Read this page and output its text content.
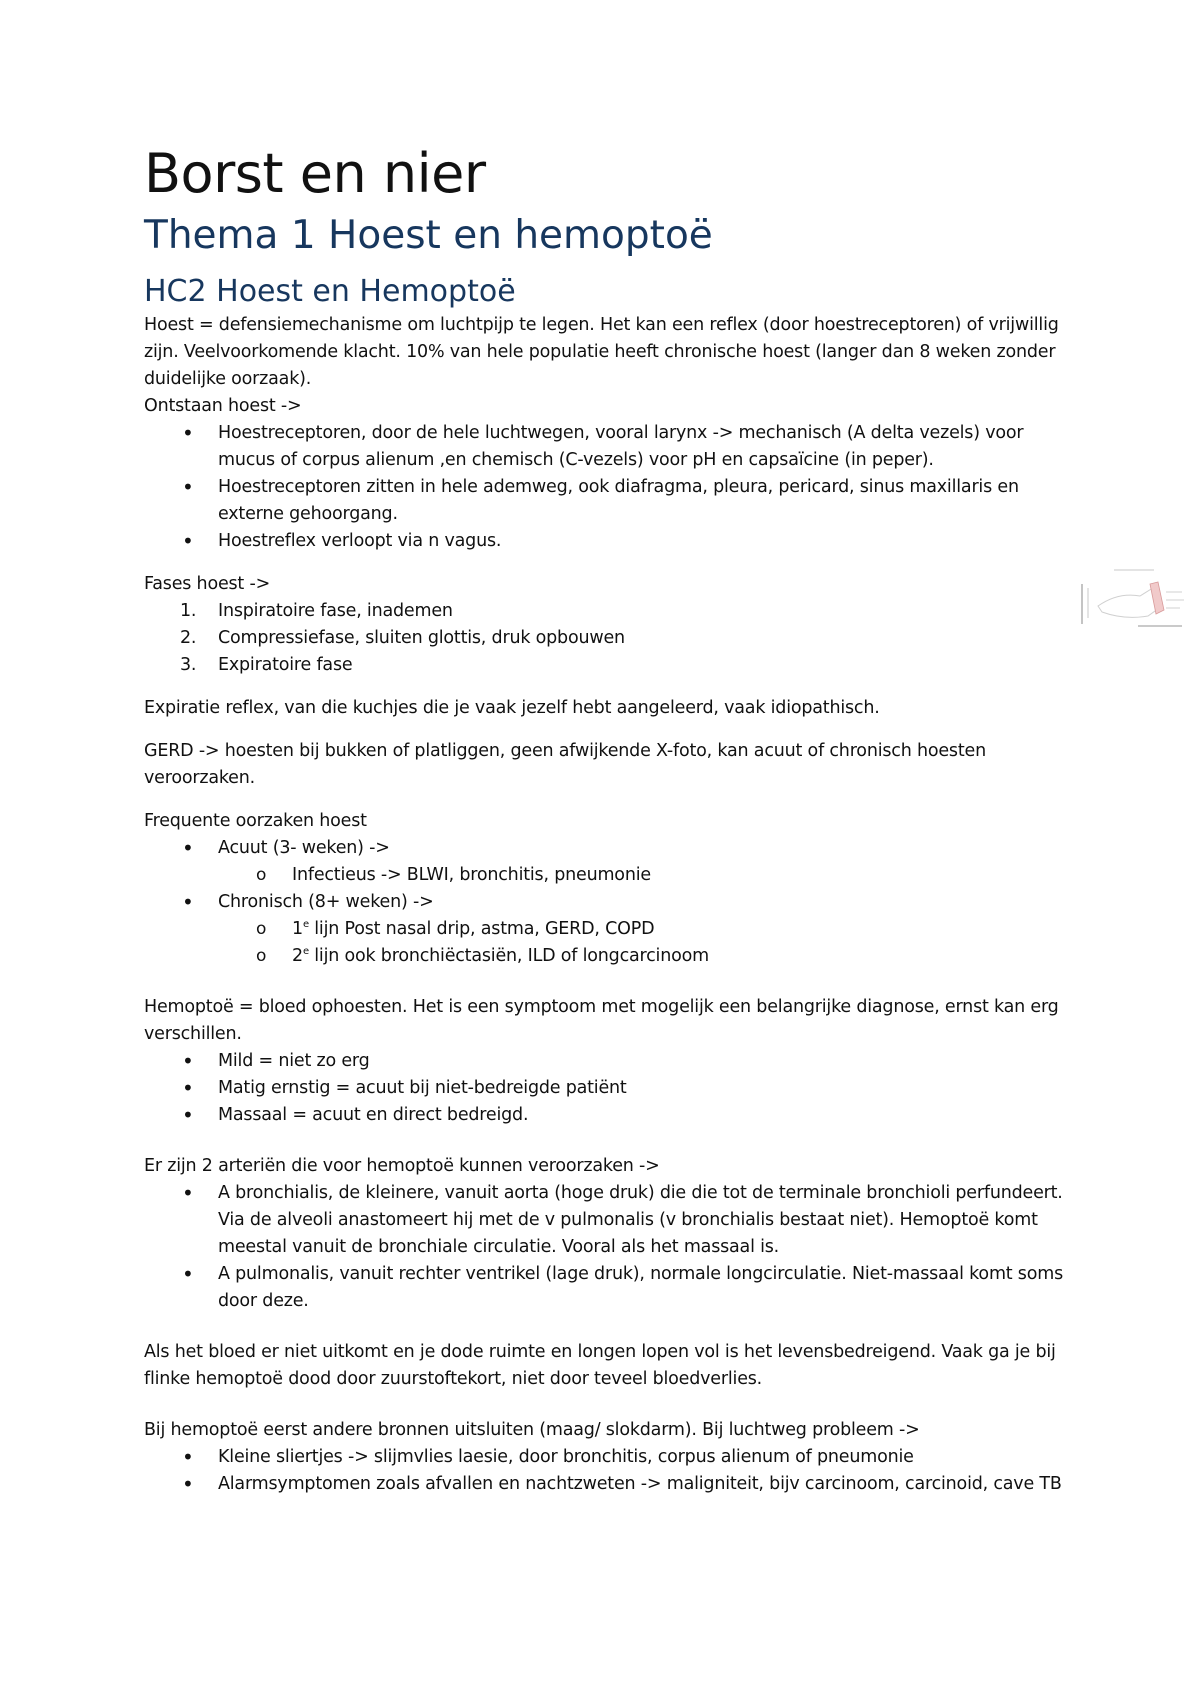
Borst en nier
Thema 1 Hoest en hemoptoë
HC2 Hoest en Hemoptoë

Hoest = defensiemechanisme om luchtpijp te legen. Het kan een reflex (door hoestreceptoren) of vrijwillig zijn. Veelvoorkomende klacht. 10% van hele populatie heeft chronische hoest (langer dan 8 weken zonder duidelijke oorzaak).

Ontstaan hoest ->

•
Hoestreceptoren, door de hele luchtwegen, vooral larynx -> mechanisch (A delta vezels) voor mucus of corpus alienum ,en chemisch (C-vezels) voor pH en capsaïcine (in peper).
•
Hoestreceptoren zitten in hele ademweg, ook diafragma, pleura, pericard, sinus maxillaris en externe gehoorgang.
•
Hoestreflex verloopt via n vagus.

Fases hoest ->

1.	Inspiratoire fase, inademen
2.	Compressiefase, sluiten glottis, druk opbouwen
3.	Expiratoire fase

Expiratie reflex, van die kuchjes die je vaak jezelf hebt aangeleerd, vaak idiopathisch.

GERD -> hoesten bij bukken of platliggen, geen afwijkende X-foto, kan acuut of chronisch hoesten veroorzaken.

Frequente oorzaken hoest

•
Acuut (3- weken) ->
o	Infectieus -> BLWI, bronchitis, pneumonie
•
Chronisch (8+ weken) ->
o	1e lijn Post nasal drip, astma, GERD, COPD
o	2e lijn ook bronchiëctasiën, ILD of longcarcinoom

Hemoptoë = bloed ophoesten. Het is een symptoom met mogelijk een belangrijke diagnose, ernst kan erg verschillen.

•
Mild = niet zo erg
•
Matig ernstig = acuut bij niet-bedreigde patiënt
•
Massaal = acuut en direct bedreigd.

Er zijn 2 arteriën die voor hemoptoë kunnen veroorzaken ->

•
A bronchialis, de kleinere, vanuit aorta (hoge druk) die die tot de terminale bronchioli perfundeert. Via de alveoli anastomeert hij met de v pulmonalis (v bronchialis bestaat niet). Hemoptoë komt meestal vanuit de bronchiale circulatie. Vooral als het massaal is.
•
A pulmonalis, vanuit rechter ventrikel (lage druk), normale longcirculatie. Niet-massaal komt soms door deze.

Als het bloed er niet uitkomt en je dode ruimte en longen lopen vol is het levensbedreigend. Vaak ga je bij flinke hemoptoë dood door zuurstoftekort, niet door teveel bloedverlies.

Bij hemoptoë eerst andere bronnen uitsluiten (maag/ slokdarm). Bij luchtweg probleem ->

•
Kleine sliertjes -> slijmvlies laesie, door bronchitis, corpus alienum of pneumonie
•
Alarmsymptomen zoals afvallen en nachtzweten -> maligniteit, bijv carcinoom, carcinoid, cave TB
